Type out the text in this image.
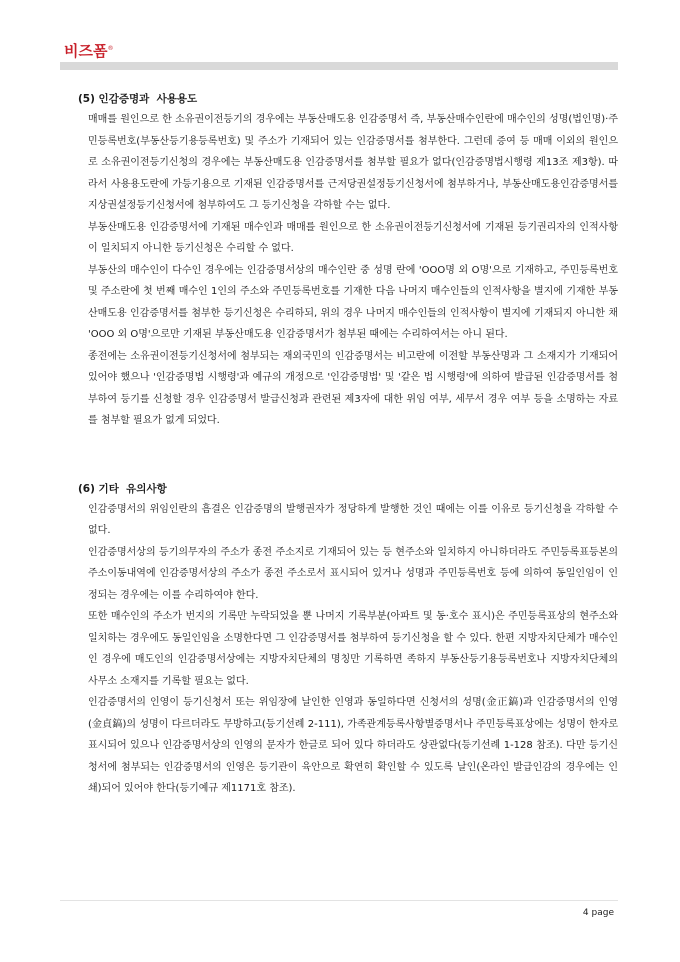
비즈폼®
(5) 인감증명과  사용용도

매매를 원인으로 한 소유권이전등기의 경우에는 부동산매도용 인감증명서 즉, 부동산매수인란에 매수인의 성명(법인명)·주민등록번호(부동산등기용등록번호) 및 주소가 기재되어 있는 인감증명서를 첨부한다. 그런데 증여 등 매매 이외의 원인으로 소유권이전등기신청의 경우에는 부동산매도용 인감증명서를 첨부할 필요가 없다(인감증명법시행령 제13조 제3항). 따라서 사용용도란에 가등기용으로 기재된 인감증명서를 근저당권설정등기신청서에 첨부하거나, 부동산매도용인감증명서를 지상권설정등기신청서에 첨부하여도 그 등기신청을 각하할 수는 없다.

부동산매도용 인감증명서에 기재된 매수인과 매매를 원인으로 한 소유권이전등기신청서에 기재된 등기권리자의 인적사항이 일치되지 아니한 등기신청은 수리할 수 없다.

부동산의 매수인이 다수인 경우에는 인감증명서상의 매수인란 중 성명 란에 'OOO명 외 O명'으로 기재하고, 주민등록번호 및 주소란에 첫 번째 매수인 1인의 주소와 주민등록번호를 기재한 다음 나머지 매수인들의 인적사항을 별지에 기재한 부동산매도용 인감증명서를 첨부한 등기신청은 수리하되, 위의 경우 나머지 매수인들의 인적사항이 별지에 기재되지 아니한 채 'OOO 외 O명'으로만 기재된 부동산매도용 인감증명서가 첨부된 때에는 수리하여서는 아니 된다.

종전에는 소유권이전등기신청서에 첨부되는 재외국민의 인감증명서는 비고란에 이전할 부동산명과 그 소재지가 기재되어 있어야 했으나 '인감증명법 시행령'과 예규의 개정으로 '인감증명법' 및 '같은 법 시행령'에 의하여 발급된 인감증명서를 첨부하여 등기를 신청할 경우 인감증명서 발급신청과 관련된 제3자에 대한 위임 여부, 세무서 경우 여부 등을 소명하는 자료를 첨부할 필요가 없게 되었다.

(6) 기타  유의사항

인감증명서의 위임인란의 흠결은 인감증명의 발행권자가 정당하게 발행한 것인 때에는 이를 이유로 등기신청을 각하할 수 없다.

인감증명서상의 등기의무자의 주소가 종전 주소지로 기재되어 있는 등 현주소와 일치하지 아니하더라도 주민등록표등본의 주소이동내역에 인감증명서상의 주소가 종전 주소로서 표시되어 있거나 성명과 주민등록번호 등에 의하여 동일인임이 인정되는 경우에는 이를 수리하여야 한다.

또한 매수인의 주소가 번지의 기록만 누락되었을 뿐 나머지 기록부분(아파트 및 동·호수 표시)은 주민등록표상의 현주소와 일치하는 경우에도 동일인임을 소명한다면 그 인감증명서를 첨부하여 등기신청을 할 수 있다. 한편 지방자치단체가 매수인인 경우에 매도인의 인감증명서상에는 지방자치단체의 명칭만 기록하면 족하지 부동산등기용등록번호나 지방자치단체의 사무소 소재지를 기록할 필요는 없다.

인감증명서의 인영이 등기신청서 또는 위임장에 날인한 인영과 동일하다면 신청서의 성명(金正鎬)과 인감증명서의 인영(金貞鎬)의 성명이 다르더라도 무방하고(등기선례 2-111), 가족관계등록사항별증명서나 주민등록표상에는 성명이 한자로 표시되어 있으나 인감증명서상의 인영의 문자가 한글로 되어 있다 하더라도 상관없다(등기선례 1-128 참조). 다만 등기신청서에 첨부되는 인감증명서의 인영은 등기관이 육안으로 확연히 확인할 수 있도록 날인(온라인 발급인감의 경우에는 인쇄)되어 있어야 한다(등기예규 제1171호 참조).

4 page
